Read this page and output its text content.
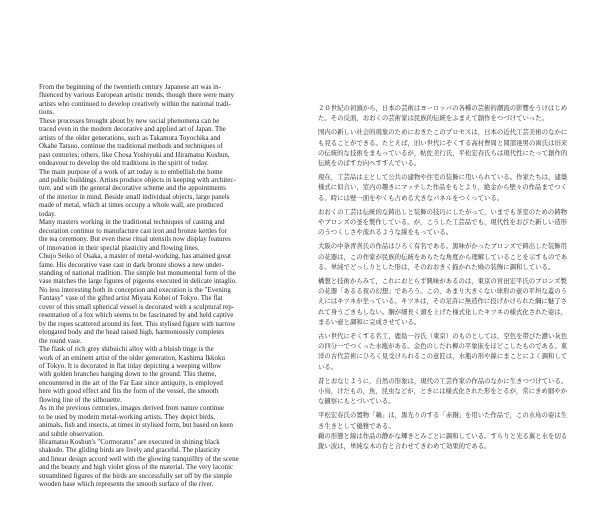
From the beginning of the twentieth century Japanese art was in-
fluenced by various European artistic trends, though there were many
artists who continued to develop creatively within the national tradi-
tions.

These processes brought about by new social phenomena can be
traced even in the modern decorative and applied art of Japan. The
artists of the older generations, such as Takamura Toyochika and
Okabe Tatsuo, continue the traditional methods and techniques of
past centuries; others, like Chosa Yoshiyuki and Hiramatsu Koshun,
endeavour to develop the old traditions in the spirit of today.

The main purpose of a work of art today is to embellish the home
and public buildings. Artists produce objects in keeping with architec-
ture, and with the general decorative scheme and the appointments
of the interior in mind. Beside small individual objects, large panels
made of metal, which at times occupy a whole wall, are produced
today.

Many masters working in the traditional techniques of casting and
decoration continue to manufacture cast iron and bronze kettles for
the tea ceremony. But even these ritual utensils now display features
of innovation in their special plasticity and flowing lines.

Chujo Seiko of Osaka, a master of metal-working, has attained great
fame. His decorative vase cast in dark bronze shows a new under-
standing of national tradition. The simple but monumental form of the
vase matches the large figures of pigeons executed in delicate intaglio.
No less interesting both in conception and execution is the "Evening
Fantasy" vase of the gifted artist Miyata Kohei of Tokyo. The flat
cover of this small spherical vessel is decorated with a sculptural rep-
resentation of a fox which seems to be fascinated by and held captive
by the ropes scattered around its feet. This stylised figure with narrow
elongated body and the head raised high, harmoniously completes
the round vase.

The flask of rich grey shibuichi alloy with a bluish tinge is the
work of an eminent artist of the older generation, Kashima Ikkoku
of Tokyo. It is decorated in flat inlay depicting a weeping willow
with golden branches hanging down to the ground. This theme,
encountered in the art of the Far East since antiquity, is employed
here with good effect and fits the form of the vessel, the smooth
flowing line of the silhouette.

As in the previous centuries, images derived from nature continue
to be used by modern metal-working artists. They depict birds,
animals, fish and insects, at times in stylised form, but based on keen
and subtle observation.

Hiramatsu Koshun's "Cormorants" are executed in shining black
shakudo. The gliding birds are lively and graceful. The plasticity
and linear design accord well with the glowing tranquillity of the scene
and the beauty and high violet gloss of the material. The very laconic
streamlined figures of the birds are successfully set off by the simple
wooden base which represents the smooth surface of the river.

２０世紀の初頭から，日本の芸術はヨーロッパの各種の芸術的潮流の影響をうけはじめた。その反面，おおくの芸術家は民族的伝統をふまえて創作をつづけていった。

国内の新しい社会的現象のためにおきたこのプロセスは，日本の近代工芸美術のなかにも見ることができる。たとえば，旧い世代にぞくする高村豊周と岡部達男の両氏は旧来の伝統的な技術をまもっているが，帖佐美行氏，平松宏春氏らは現代性にたって創作的伝統をのばす方向へすすんでいる。

現在，工芸品は主として公共の建物や住宅の装飾に用いられている。作家たちは，建築様式に似合い，室内の趣きにマッチした作品をもとより，絶金から壁々の作品までつくる。時には壁一面をやくも占める大きなパネルをつくっている。

おおくの工芸は伝統的な鋳出しと装飾の技巧にしたがって，いまでも茶室のための鋳物やブロンズの釜を製作している。が，こうした工芸品でも，現代性をおびた新しい造形のうつくしさや流れるような線をもっている。

大阪の中条青喜氏の作品はひろく有名である。黒味がかったブロンズで鋳出した装飾用の花器は，この作家が民族的伝統をあらたな角度から理解していることを示すものである。単純でどっしりとした形は，そのおおきく描かれた鳩の装飾に調和している。

構想と技術からみて，これにおとらず興味があるのは，東京の宮田宏平氏のブロンズ製の花器「あるる夜の幻想」であろう。この，あまり大きくない球形の壺の平坦な蓋のうえにはキツネが坐っている。キツネは，その足許に無造作に投げかけられた綱に魅了されて身うごきもしない。胴が細長く頭を上げた様式化したキツネの様式化された姿は，まるい壺と調和に完成させている。

古い世代にぞくする名工，鹿島一谷氏（東京）のものとしては，空色を帯びた濃い灰色の四分一でつくった水瓶がある。金色のしだれ柳の平象嵌をほどこしたものである。東洋の古代芸術にひろく見受けられるこの意匠は，水瓶の形や線にまことによく調和している。

昔とおなじように，自然の形象は，現代の工芸作家の作品のなかに生きつづけている。小鳥，けだもの，魚，昆虫などが，ときには様式化された形をとるが，常にきめ細やかな観察にもとづいている。

平松宏春氏の置物「鵜」は，黒光りのする「赤銅」を用いた作品で，この水鳥の姿は生き生きとして優雅である。

鵜の形態と線は作品の静かな輝きとみごとに調和している。すらりと光る翼と水を切る鋭い波は，単純な木の台と合わせてきわめて効果的である。
